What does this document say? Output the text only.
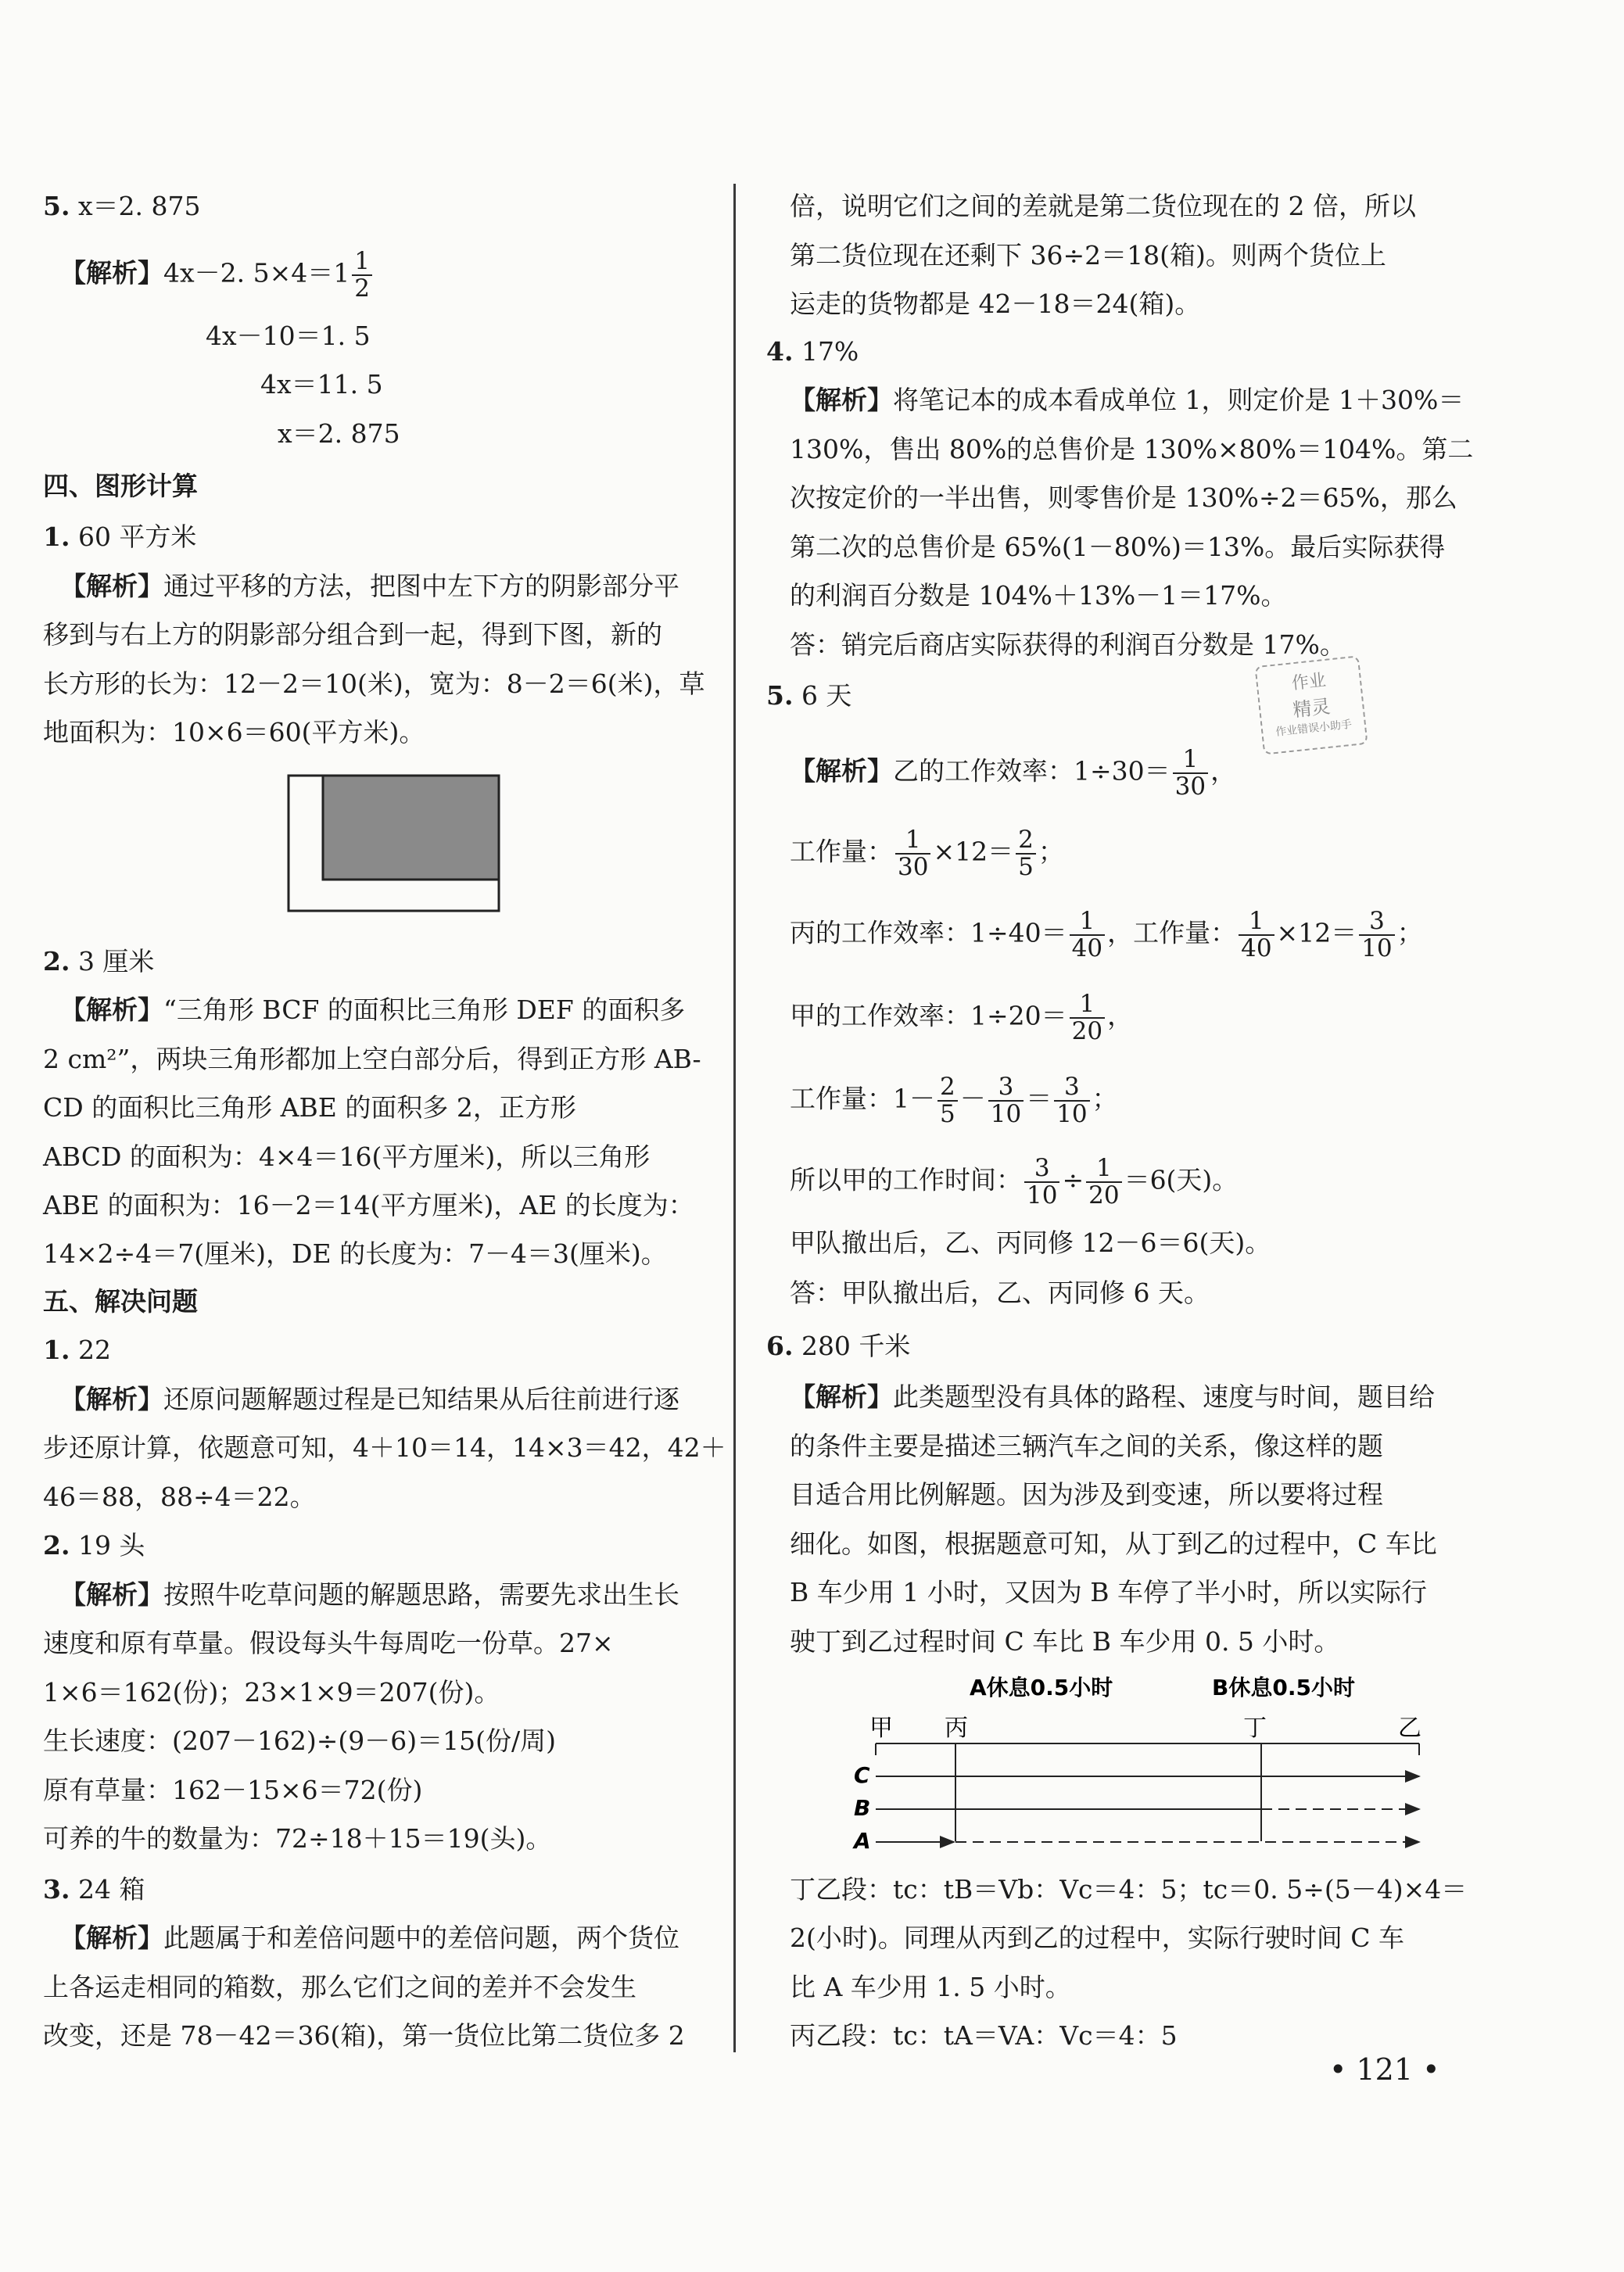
5. x＝2. 875
【解析】4x－2. $5\times 4=1 \frac{1}{2}$
4x－10＝1. 5
4x＝11. 5
x＝2. 875
四、图形计算
1. 60 平方米
【解析】通过平移的方法，把图中左下方的阴影部分平
移到与右上方的阴影部分组合到一起，得到下图，新的
长方形的长为：12－2＝10(米)，宽为：8－2＝6(米)，草
地面积为：10×6＝60(平方米)。
2. 3 厘米
【解析】“三角形 BCF 的面积比三角形 DEF 的面积多
2 cm²”，两块三角形都加上空白部分后，得到正方形 AB-
CD 的面积比三角形 ABE 的面积多 2，正方形
ABCD 的面积为：4×4＝16(平方厘米)，所以三角形
ABE 的面积为：16－2＝14(平方厘米)，AE 的长度为：
14×2÷4＝7(厘米)，DE 的长度为：7－4＝3(厘米)。
五、解决问题
1. 22
【解析】还原问题解题过程是已知结果从后往前进行逐
步还原计算，依题意可知，4＋10＝14，14×3＝42，42＋
46＝88，88÷4＝22。
2. 19 头
【解析】按照牛吃草问题的解题思路，需要先求出生长
速度和原有草量。假设每头牛每周吃一份草。27×
1×6＝162(份)；23×1×9＝207(份)。
生长速度：(207－162)÷(9－6)＝15(份/周)
原有草量：162－15×6＝72(份)
可养的牛的数量为：72÷18＋15＝19(头)。
3. 24 箱
【解析】此题属于和差倍问题中的差倍问题，两个货位
上各运走相同的箱数，那么它们之间的差并不会发生
改变，还是 78－42＝36(箱)，第一货位比第二货位多 2
倍，说明它们之间的差就是第二货位现在的 2 倍，所以
第二货位现在还剩下 36÷2＝18(箱)。则两个货位上
运走的货物都是 42－18＝24(箱)。
4. 17%
【解析】将笔记本的成本看成单位 1，则定价是 1＋30%＝
130%，售出 80%的总售价是 130%×80%＝104%。第二
次按定价的一半出售，则零售价是 130%÷2＝65%，那么
第二次的总售价是 65%(1－80%)＝13%。最后实际获得
的利润百分数是 104%＋13%－1＝17%。
答：销完后商店实际获得的利润百分数是 17%。
5. 6 天
【解析】乙的工作效率：$1\div 30= \frac{1}{30}$ ，
工作量： $\frac{1}{30} \times 12= \frac{2}{5}$ ；
丙的工作效率：$1\div 40= \frac{1}{40}$ ，工作量： $\frac{1}{40} \times 12= \frac{3}{10}$ ；
甲的工作效率：$1\div 20= \frac{1}{20}$ ，
工作量：$1- \frac{2}{5} - \frac{3}{10} = \frac{3}{10}$ ；
所以甲的工作时间： $\frac{3}{10} \div \frac{1}{20} =6$(天)。
甲队撤出后，乙、丙同修 12－6＝6(天)。
答：甲队撤出后，乙、丙同修 6 天。
6. 280 千米
【解析】此类题型没有具体的路程、速度与时间，题目给
的条件主要是描述三辆汽车之间的关系，像这样的题
目适合用比例解题。因为涉及到变速，所以要将过程
细化。如图，根据题意可知，从丁到乙的过程中，C 车比
B 车少用 1 小时，又因为 B 车停了半小时，所以实际行
驶丁到乙过程时间 C 车比 B 车少用 0. 5 小时。
A休息0.5小时	B休息0.5小时
甲 丙	丁	乙
C
B
A
丁乙段：tc：tB＝Vb：Vc＝4：5；tc＝0. 5÷(5－4)×4＝
2(小时)。同理从丙到乙的过程中，实际行驶时间 C 车
比 A 车少用 1. 5 小时。
丙乙段：tc：tA＝VA：Vc＝4：5
作业
精灵
作业错误小助手
• 121 •
